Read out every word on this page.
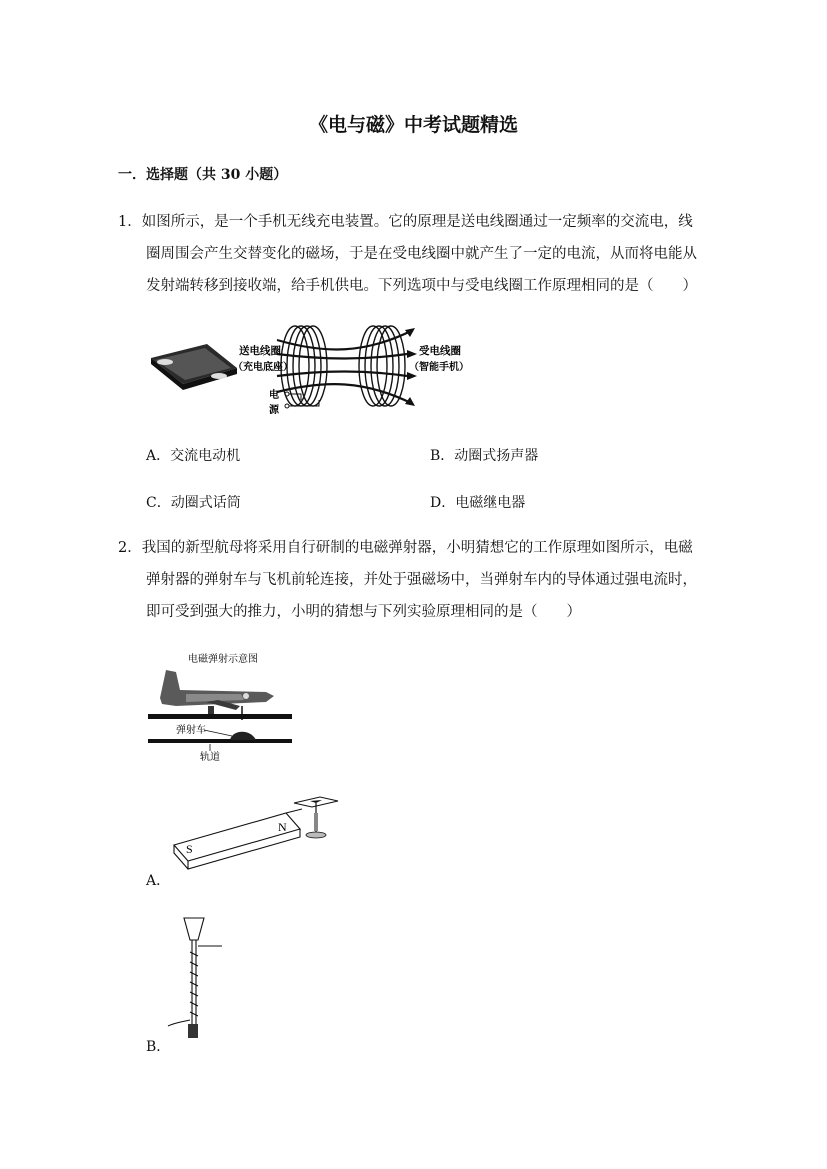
《电与磁》中考试题精选
一．选择题（共 30 小题）
1．如图所示，是一个手机无线充电装置。它的原理是送电线圈通过一定频率的交流电，线
圈周围会产生交替变化的磁场，于是在受电线圈中就产生了一定的电流，从而将电能从
发射端转移到接收端，给手机供电。下列选项中与受电线圈工作原理相同的是（　　）
送电线圈
（充电底座）
受电线圈
（智能手机）
电
源
A．交流电动机	B．动圈式扬声器
C．动圈式话筒	D．电磁继电器
2．我国的新型航母将采用自行研制的电磁弹射器，小明猜想它的工作原理如图所示，电磁
弹射器的弹射车与飞机前轮连接，并处于强磁场中，当弹射车内的导体通过强电流时，
即可受到强大的推力，小明的猜想与下列实验原理相同的是（　　）
电磁弹射示意图
弹射车
轨道
S
N
A．
B．
